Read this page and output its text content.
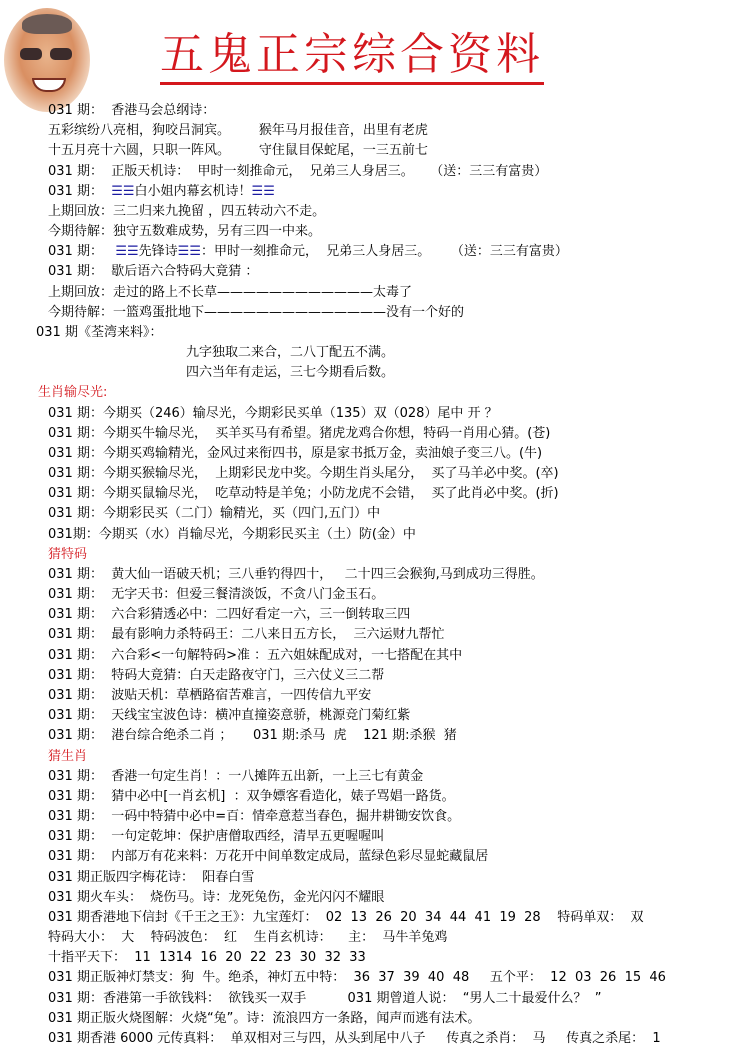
五鬼正宗综合资料
031 期：  香港马会总纲诗：
五彩缤纷八亮相，狗咬吕洞宾。       猴年马月报佳音，出里有老虎
十五月亮十六圆，只职一阵风。       守住鼠目保蛇尾，一三五前七
031 期：  正版天机诗：  甲时一刻推命元，  兄弟三人身居三。    （送：三三有富贵）
031 期：  ☰☰白小姐内幕玄机诗！☰☰
上期回放：三二归来九挽留 ，四五转动六不走。
今期待解：独守五数难成势，另有三四一中来。
031 期：   ☰☰先锋诗☰☰：甲时一刻推命元，  兄弟三人身居三。     （送：三三有富贵）
031 期：  歇后语六合特码大竟猜 ：
上期回放：走过的路上不长草————————————太毒了
今期待解：一篮鸡蛋批地下——————————————没有一个好的
031 期《荃湾来料》：
九字独取二来合，二八丁配五不满。
四六当年有走运，三七今期看后数。
生肖输尽光:
031 期：今期买（246）输尽光，今期彩民买单（135）双（028）尾中 开 ？
031 期：今期买牛输尽光，  买羊买马有希望。猪虎龙鸡合你想，特码一肖用心猜。(苍)
031 期：今期买鸡输精光，金风过来衔四书，原是家书抵万金，卖油娘子变三八。(牛)
031 期：今期买猴输尽光，  上期彩民龙中奖。今期生肖头尾分，  买了马羊必中奖。(卒)
031 期：今期买鼠输尽光，  吃草动特是羊兔；小防龙虎不会错，  买了此肖必中奖。(折)
031 期：今期彩民买（二门）输精光，买（四门,五门）中
031期：今期买（水）肖输尽光，今期彩民买主（土）防(金）中
猜特码
031 期：  黄大仙一语破天机；三八垂钓得四十，   二十四三会猴狗,马到成功三得胜。
031 期：  无字天书：但爱三餐清淡饭，不贪八门金玉石。
031 期：  六合彩猜透必中：二四好看定一六，三一倒转取三四
031 期：  最有影响力杀特码王：二八来日五方长，  三六运财九帮忙
031 期：  六合彩<一句解特码>准 ：五六姐妹配成对，一七搭配在其中
031 期：  特码大竟猜：白天走路夜守门，三六仗义三二帮
031 期：  波贴天机：草栖路宿苦难言，一四传信九平安
031 期：  天线宝宝波色诗：横冲直撞姿意骄，桃源竞门菊红紫
031 期：  港台综合绝杀二肖 ；     031 期:杀马  虎    121 期:杀猴  猪
猜生肖
031 期：  香港一句定生肖！：一八摊阵五出新，一上三七有黄金
031 期：  猜中必中[一肖玄机]  ：双争嫖客看造化，婊子骂娼一路货。
031 期：  一码中特猜中必中=百：情牵意惹当春色，掘井耕锄安饮食。
031 期：  一句定乾坤：保护唐僧取西经，清早五更喔喔叫
031 期：  内部万有花来料：万花开中间单数定成局，蓝绿色彩尽显蛇藏鼠居
031 期正版四字梅花诗：  阳春白雪
031 期火车头：  烧伤马。诗：龙死兔伤，金光闪闪不耀眼
031 期香港地下信封《千王之王》：九宝莲灯：  02  13  26  20  34  44  41  19  28    特码单双：  双
特码大小：  大    特码波色：  红    生肖玄机诗：    主：  马牛羊兔鸡
十指平天下：  11  1314  16  20  22  23  30  32  33
031 期正版神灯禁支：狗  牛。绝杀，神灯五中特：  36  37  39  40  48     五个平：  12  03  26  15  46
031 期：香港第一手欲钱料：  欲钱买一双手          031 期曾道人说：  “男人二十最爱什么？  ”
031 期正版火烧图解：火烧“兔”。诗：流浪四方一条路，闻声而逃有法术。
031 期香港 6000 元传真料：  单双相对三与四，从头到尾中八子     传真之杀肖：  马     传真之杀尾：  1
